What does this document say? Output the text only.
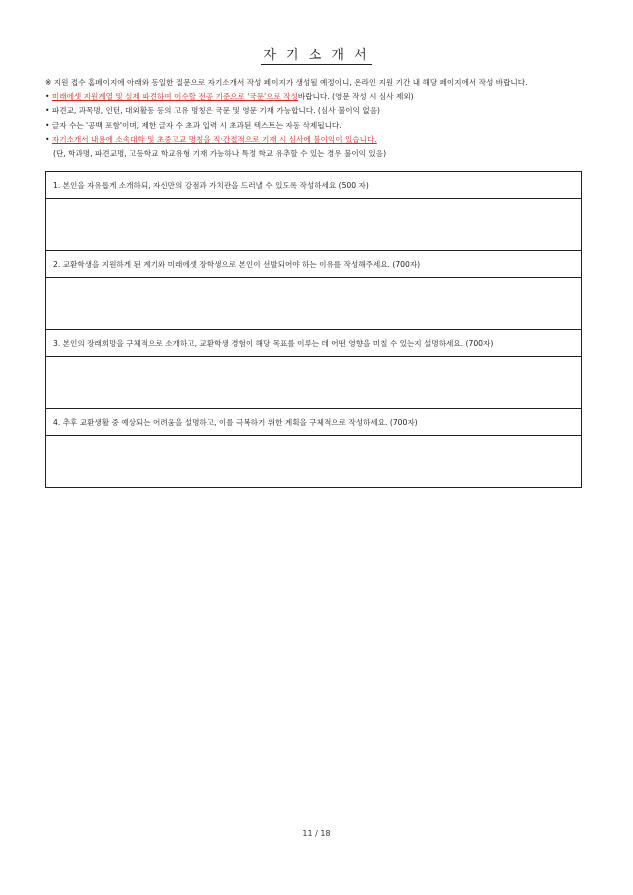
자 기 소 개 서
※ 지원 접수 홈페이지에 아래와 동일한 질문으로 자기소개서 작성 페이지가 생성될 예정이니, 온라인 지원 기간 내 해당 페이지에서 작성 바랍니다.
• 미래에셋 지원계열 및 실제 파견하여 이수할 전공 기준으로 '국문'으로 작성바랍니다. (영문 작성 시 심사 제외)
• 파견교, 과목명, 인턴, 대외활동 등의 고유 명칭은 국문 및 영문 기재 가능합니다. (심사 불이익 없음)
• 글자 수는 '공백 포함'이며, 제한 글자 수 초과 입력 시 초과된 텍스트는 자동 삭제됩니다.
• 자기소개서 내용에 소속대학 및 초중고교 명칭을 직·간접적으로 기재 시 심사에 불이익이 있습니다.
(단, 학과명, 파견교명, 고등학교 학교유형 기재 가능하나 특정 학교 유추할 수 있는 경우 불이익 있음)
1. 본인을 자유롭게 소개하되, 자신만의 강점과 가치관을 드러낼 수 있도록 작성하세요 (500 자)
2. 교환학생을 지원하게 된 계기와 미래에셋 장학생으로 본인이 선발되어야 하는 이유를 작성해주세요. (700자)
3. 본인의 장래희망을 구체적으로 소개하고, 교환학생 경험이 해당 목표를 이루는 데 어떤 영향을 미칠 수 있는지 설명하세요. (700자)
4. 추후 교환생활 중 예상되는 어려움을 설명하고, 이를 극복하기 위한 계획을 구체적으로 작성하세요. (700자)
11 / 18
